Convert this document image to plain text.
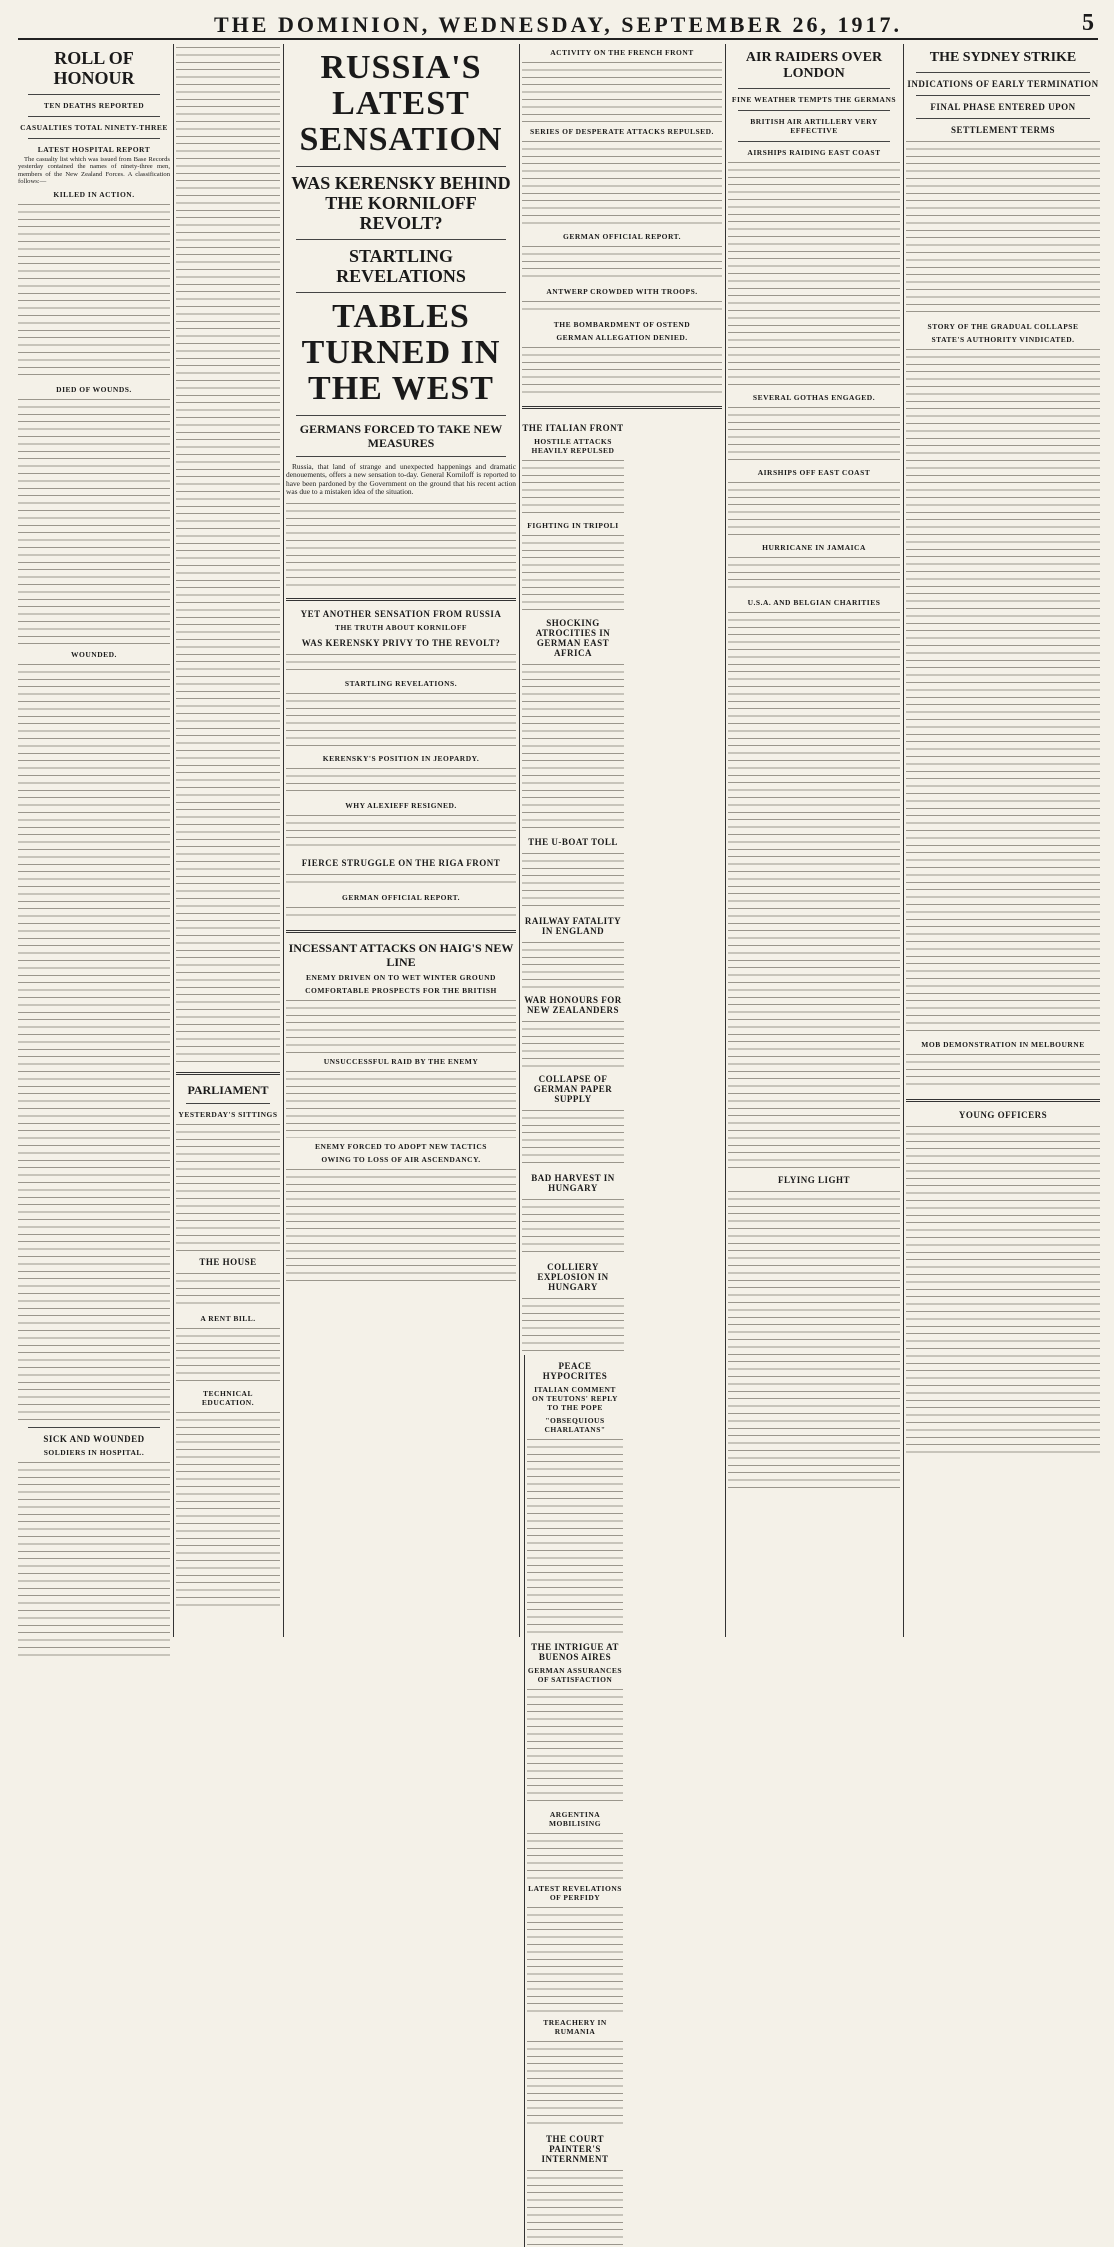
THE DOMINION, WEDNESDAY, SEPTEMBER 26, 1917.	5
ROLL OF HONOUR
TEN DEATHS REPORTED
CASUALTIES TOTAL NINETY-THREE
LATEST HOSPITAL REPORT

The casualty list which was issued from Base Records yesterday contained the names of ninety-three men, members of the New Zealand Forces. A classification follows:—

KILLED IN ACTION.
DIED OF WOUNDS.
WOUNDED.
SICK AND WOUNDED
SOLDIERS IN HOSPITAL.
PARLIAMENT
YESTERDAY'S SITTINGS
THE HOUSE
A RENT BILL.
TECHNICAL EDUCATION.
RUSSIA'S LATEST SENSATION
WAS KERENSKY BEHIND THE KORNILOFF REVOLT?
STARTLING REVELATIONS
TABLES TURNED IN THE WEST
GERMANS FORCED TO TAKE NEW MEASURES

Russia, that land of strange and unexpected happenings and dramatic denouements, offers a new sensation to-day. General Korniloff is reported to have been pardoned by the Government on the ground that his recent action was due to a mistaken idea of the situation.

YET ANOTHER SENSATION FROM RUSSIA
THE TRUTH ABOUT KORNILOFF
WAS KERENSKY PRIVY TO THE REVOLT?
STARTLING REVELATIONS.
KERENSKY'S POSITION IN JEOPARDY.
WHY ALEXIEFF RESIGNED.
FIERCE STRUGGLE ON THE RIGA FRONT
GERMAN OFFICIAL REPORT.
INCESSANT ATTACKS ON HAIG'S NEW LINE
ENEMY DRIVEN ON TO WET WINTER GROUND
COMFORTABLE PROSPECTS FOR THE BRITISH
UNSUCCESSFUL RAID BY THE ENEMY
ENEMY FORCED TO ADOPT NEW TACTICS
OWING TO LOSS OF AIR ASCENDANCY.
ACTIVITY ON THE FRENCH FRONT
SERIES OF DESPERATE ATTACKS REPULSED.
GERMAN OFFICIAL REPORT.
ANTWERP CROWDED WITH TROOPS.
THE BOMBARDMENT OF OSTEND
GERMAN ALLEGATION DENIED.
THE ITALIAN FRONT
HOSTILE ATTACKS HEAVILY REPULSED
FIGHTING IN TRIPOLI
SHOCKING ATROCITIES IN GERMAN EAST AFRICA
THE U-BOAT TOLL
RAILWAY FATALITY IN ENGLAND
WAR HONOURS FOR NEW ZEALANDERS
COLLAPSE OF GERMAN PAPER SUPPLY
BAD HARVEST IN HUNGARY
COLLIERY EXPLOSION IN HUNGARY
PEACE HYPOCRITES
ITALIAN COMMENT ON TEUTONS' REPLY TO THE POPE
"OBSEQUIOUS CHARLATANS"
THE INTRIGUE AT BUENOS AIRES
GERMAN ASSURANCES OF SATISFACTION
ARGENTINA MOBILISING
LATEST REVELATIONS OF PERFIDY
TREACHERY IN RUMANIA
THE COURT PAINTER'S INTERNMENT
AIR RAIDERS OVER LONDON
FINE WEATHER TEMPTS THE GERMANS
BRITISH AIR ARTILLERY VERY EFFECTIVE
AIRSHIPS RAIDING EAST COAST
SEVERAL GOTHAS ENGAGED.
AIRSHIPS OFF EAST COAST
HURRICANE IN JAMAICA
U.S.A. AND BELGIAN CHARITIES
FLYING LIGHT
THE SYDNEY STRIKE
INDICATIONS OF EARLY TERMINATION
FINAL PHASE ENTERED UPON
SETTLEMENT TERMS
STORY OF THE GRADUAL COLLAPSE
STATE'S AUTHORITY VINDICATED.
MOB DEMONSTRATION IN MELBOURNE
YOUNG OFFICERS
